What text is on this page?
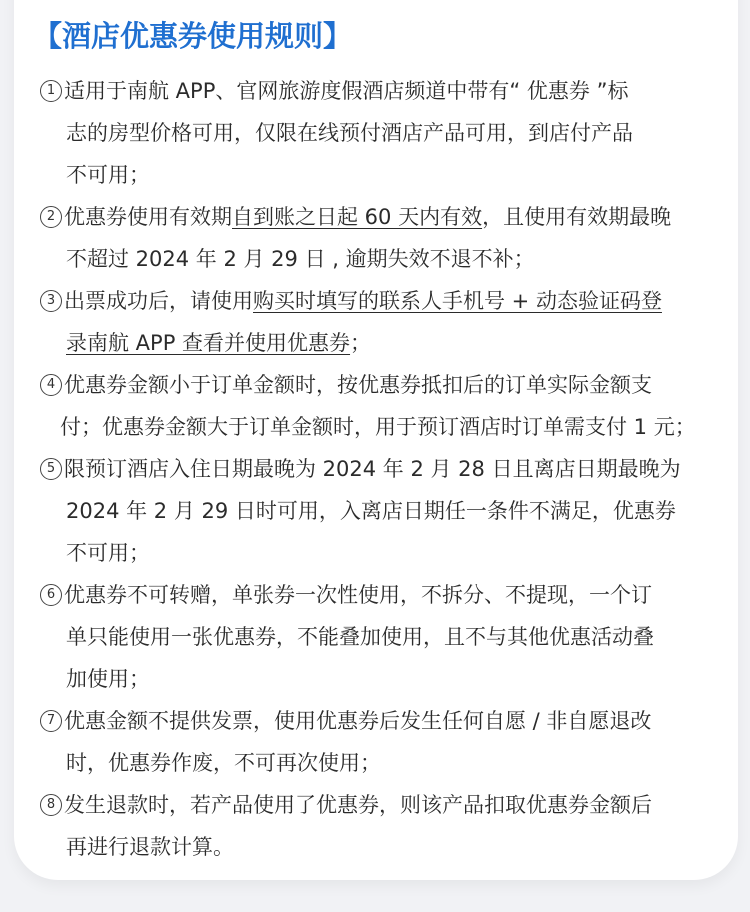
【酒店优惠券使用规则】
1 适用于南航 APP、官网旅游度假酒店频道中带有“ 优惠券 ”标
志的房型价格可用，仅限在线预付酒店产品可用，到店付产品
不可用；
2 优惠券使用有效期自到账之日起 60 天内有效，且使用有效期最晚
不超过 2024 年 2 月 29 日 , 逾期失效不退不补；
3 出票成功后，请使用购买时填写的联系人手机号 + 动态验证码登
录南航 APP 查看并使用优惠券；
4 优惠券金额小于订单金额时，按优惠券抵扣后的订单实际金额支
付；优惠券金额大于订单金额时，用于预订酒店时订单需支付 1 元；
5 限预订酒店入住日期最晚为 2024 年 2 月 28 日且离店日期最晚为
2024 年 2 月 29 日时可用，入离店日期任一条件不满足，优惠券
不可用；
6 优惠券不可转赠，单张券一次性使用，不拆分、不提现，一个订
单只能使用一张优惠券，不能叠加使用，且不与其他优惠活动叠
加使用；
7 优惠金额不提供发票，使用优惠券后发生任何自愿 / 非自愿退改
时，优惠券作废，不可再次使用；
8 发生退款时，若产品使用了优惠券，则该产品扣取优惠券金额后
再进行退款计算。
